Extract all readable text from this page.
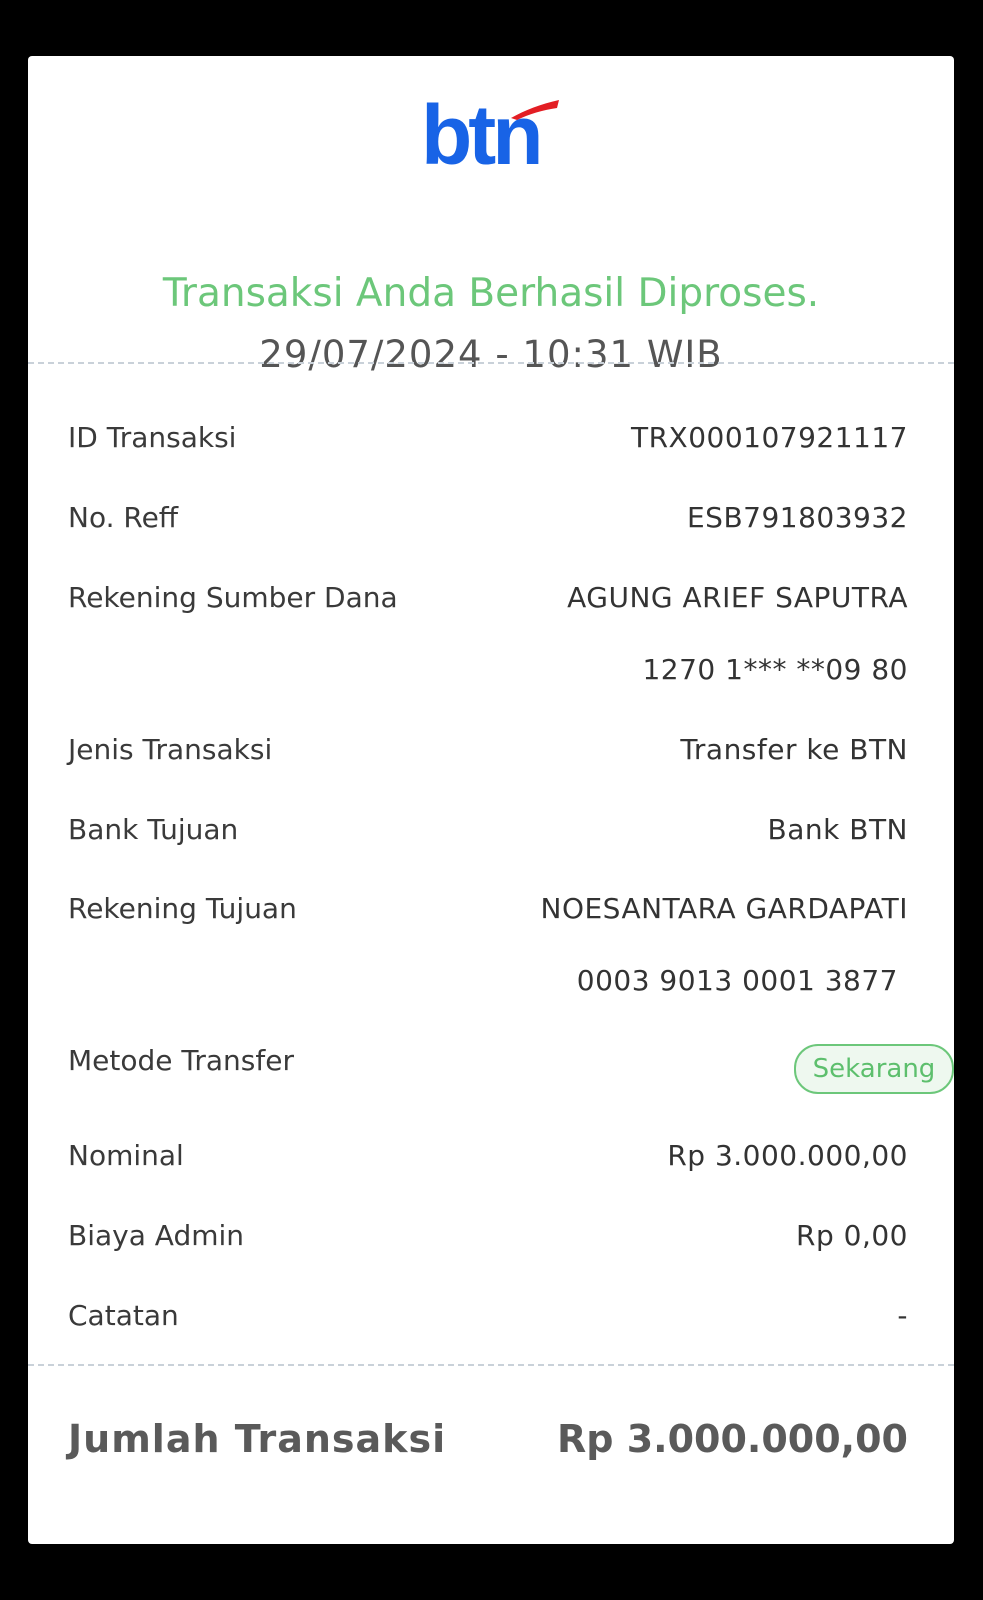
btn
Transaksi Anda Berhasil Diproses.
29/07/2024 - 10:31 WIB
ID Transaksi	TRX000107921117
No. Reff	ESB791803932
Rekening Sumber Dana	AGUNG ARIEF SAPUTRA
1270 1*** **09 80
Jenis Transaksi	Transfer ke BTN
Bank Tujuan	Bank BTN
Rekening Tujuan	NOESANTARA GARDAPATI
0003 9013 0001 3877
Metode Transfer	Sekarang
Nominal	Rp 3.000.000,00
Biaya Admin	Rp 0,00
Catatan	-
Jumlah Transaksi	Rp 3.000.000,00
